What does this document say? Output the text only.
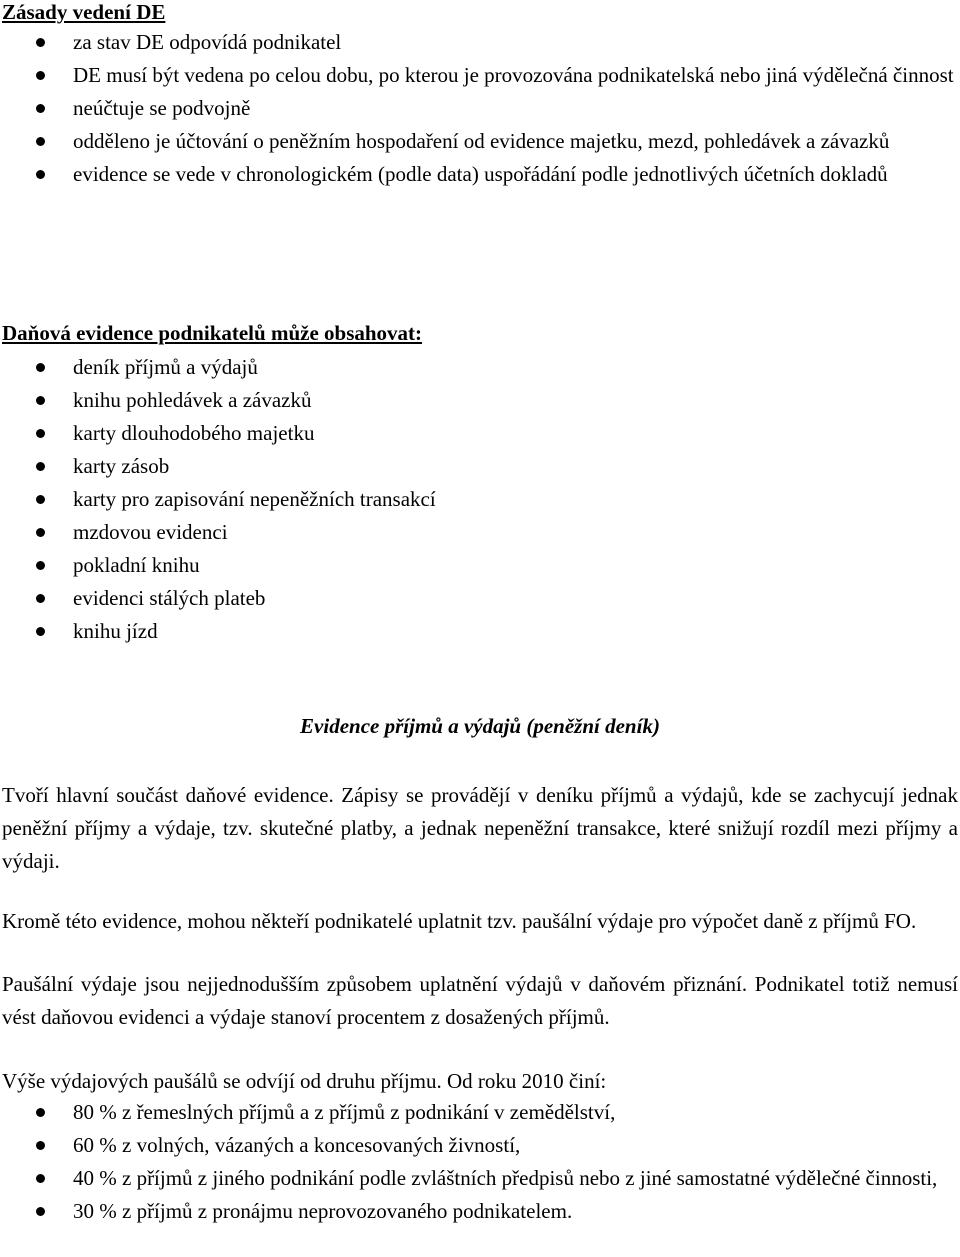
Zásady vedení DE
za stav DE odpovídá podnikatel
DE musí být vedena po celou dobu, po kterou je provozována podnikatelská nebo jiná výdělečná činnost
neúčtuje se podvojně
odděleno je účtování o peněžním hospodaření od evidence majetku, mezd, pohledávek a závazků
evidence se vede v chronologickém (podle data) uspořádání podle jednotlivých účetních dokladů
Daňová evidence podnikatelů může obsahovat:
deník příjmů a výdajů
knihu pohledávek a závazků
karty dlouhodobého majetku
karty zásob
karty pro zapisování nepeněžních transakcí
mzdovou evidenci
pokladní knihu
evidenci stálých plateb
knihu jízd
Evidence příjmů a výdajů (peněžní deník)

Tvoří hlavní součást daňové evidence. Zápisy se provádějí v deníku příjmů a výdajů, kde se zachycují jednak peněžní příjmy a výdaje, tzv. skutečné platby, a jednak nepeněžní transakce, které snižují rozdíl mezi příjmy a výdaji.

Kromě této evidence, mohou někteří podnikatelé uplatnit tzv. paušální výdaje pro výpočet daně z příjmů FO.

Paušální výdaje jsou nejjednodušším způsobem uplatnění výdajů v daňovém přiznání. Podnikatel totiž nemusí vést daňovou evidenci a výdaje stanoví procentem z dosažených příjmů.

Výše výdajových paušálů se odvíjí od druhu příjmu. Od roku 2010 činí:

80 % z řemeslných příjmů a z příjmů z podnikání v zemědělství,
60 % z volných, vázaných a koncesovaných živností,
40 % z příjmů z jiného podnikání podle zvláštních předpisů nebo z jiné samostatné výdělečné činnosti,
30 % z příjmů z pronájmu neprovozovaného podnikatelem.
